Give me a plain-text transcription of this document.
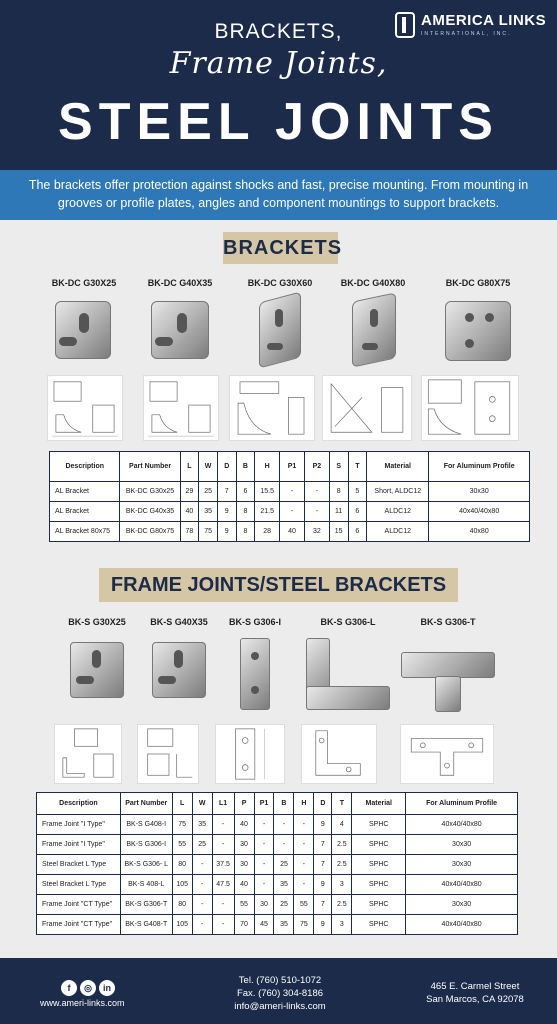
BRACKETS,
Frame Joints,
STEEL JOINTS
AMERICA LINKS
INTERNATIONAL, INC.
The brackets offer protection against shocks and fast, precise mounting. From mounting in grooves or profile plates, angles and component mountings to support brackets.
BRACKETS
BK-DC G30X25	BK-DC G40X35	BK-DC G30X60	BK-DC G40X80	BK-DC G80X75
Description	Part Number	L	W	D	B	H	P1	P2	S	T	Material	For Aluminum Profile
AL Bracket	BK-DC G30x25	29	25	7	6	15.5	-	-	8	5	Short, ALDC12	30x30
AL Bracket	BK-DC G40x35	40	35	9	8	21.5	-	-	11	6	ALDC12	40x40/40x80
AL Bracket 80x75	BK-DC G80x75	78	75	9	8	28	40	32	15	6	ALDC12	40x80
FRAME JOINTS/STEEL BRACKETS
BK-S G30X25	BK-S G40X35	BK-S G306-I	BK-S G306-L	BK-S G306-T
Description	Part Number	L	W	L1	P	P1	B	H	D	T	Material	For Aluminum Profile
Frame Joint "I Type"	BK-S G408-I	75	35	-	40	-	-	-	9	4	SPHC	40x40/40x80
Frame Joint "I Type"	BK-S G306-I	55	25	-	30	-	-	-	7	2.5	SPHC	30x30
Steel Bracket L Type	BK-S G306- L	80	-	37.5	30	-	25	-	7	2.5	SPHC	30x30
Steel Bracket L Type	BK-S 408-L	105	-	47.5	40	-	35	-	9	3	SPHC	40x40/40x80
Frame Joint "CT Type"	BK-S G306-T	80	-	-	55	30	25	55	7	2.5	SPHC	30x30
Frame Joint "CT Type"	BK-S G408-T	105	-	-	70	45	35	75	9	3	SPHC	40x40/40x80
f ◎ in
www.ameri-links.com
Tel. (760) 510-1072
Fax. (760) 304-8186
info@ameri-links.com
465 E. Carmel Street
San Marcos, CA 92078
